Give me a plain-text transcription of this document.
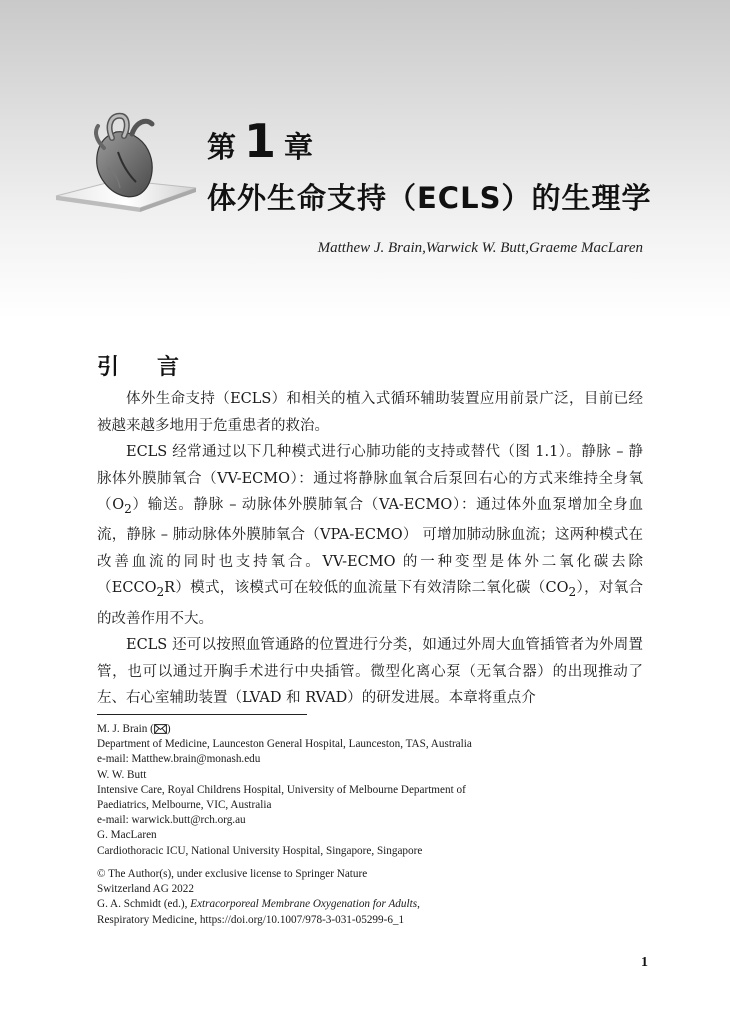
第 1 章
体外生命支持（ECLS）的生理学
Matthew J. Brain,Warwick W. Butt,Graeme MacLaren
引　言

体外生命支持（ECLS）和相关的植入式循环辅助装置应用前景广泛，目前已经被越来越多地用于危重患者的救治。

ECLS 经常通过以下几种模式进行心肺功能的支持或替代（图 1.1）。静脉 – 静脉体外膜肺氧合（VV-ECMO）：通过将静脉血氧合后泵回右心的方式来维持全身氧$(O_2)$输送。静脉 – 动脉体外膜肺氧合（VA-ECMO）：通过体外血泵增加全身血流，静脉 – 肺动脉体外膜肺氧合（VPA-ECMO） 可增加肺动脉血流；这两种模式在改善血流的同时也支持氧合。VV-ECMO 的一种变型是体外二氧化碳去除$(ECCO_2R)$模式，该模式可在较低的血流量下有效清除二氧化碳$(CO_2)$，对氧合的改善作用不大。

ECLS 还可以按照血管通路的位置进行分类，如通过外周大血管插管者为外周置管，也可以通过开胸手术进行中央插管。微型化离心泵（无氧合器）的出现推动了左、右心室辅助装置（LVAD 和 RVAD）的研发进展。本章将重点介

M. J. Brain ( )
Department of Medicine, Launceston General Hospital, Launceston, TAS, Australia
e-mail: Matthew.brain@monash.edu
W. W. Butt
Intensive Care, Royal Childrens Hospital, University of Melbourne Department of
Paediatrics, Melbourne, VIC, Australia
e-mail: warwick.butt@rch.org.au
G. MacLaren
Cardiothoracic ICU, National University Hospital, Singapore, Singapore
© The Author(s), under exclusive license to Springer Nature
Switzerland AG 2022
G. A. Schmidt (ed.), Extracorporeal Membrane Oxygenation for Adults,
Respiratory Medicine, https://doi.org/10.1007/978-3-031-05299-6_1
1
